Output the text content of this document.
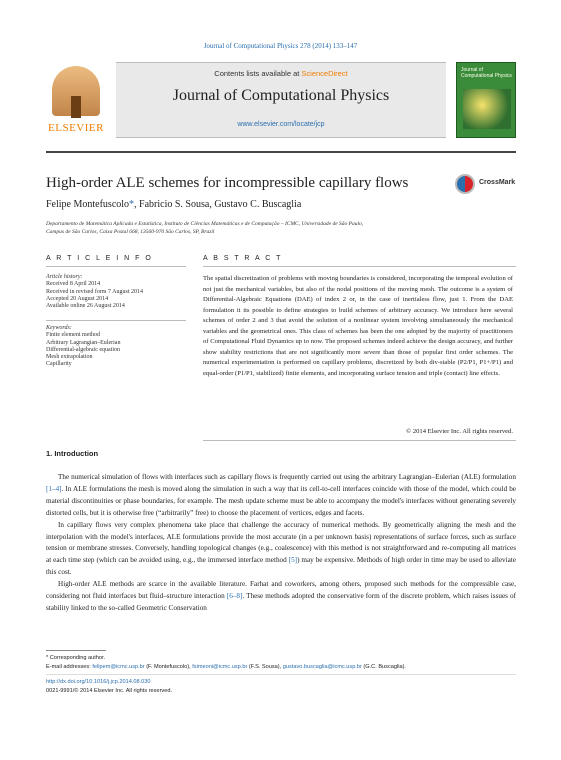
Journal of Computational Physics 278 (2014) 133–147
ELSEVIER
Contents lists available at ScienceDirect
Journal of Computational Physics
www.elsevier.com/locate/jcp
Journal of Computational Physics
High-order ALE schemes for incompressible capillary flows	CrossMark
Felipe Montefuscolo*, Fabricio S. Sousa, Gustavo C. Buscaglia
Departamento de Matemática Aplicada e Estatística, Instituto de Ciências Matemáticas e de Computação – ICMC, Universidade de São Paulo,
Campus de São Carlos, Caixa Postal 668, 13560-970 São Carlos, SP, Brazil
A R T I C L E I N F O	A B S T R A C T
Article history:
Received 8 April 2014
Received in revised form 7 August 2014
Accepted 20 August 2014
Available online 26 August 2014
Keywords:
Finite element method
Arbitrary Lagrangian–Eulerian
Differential-algebraic equation
Mesh extrapolation
Capillarity
The spatial discretization of problems with moving boundaries is considered, incorporating the temporal evolution of not just the mechanical variables, but also of the nodal positions of the moving mesh. The outcome is a system of Differential-Algebraic Equations (DAE) of index 2 or, in the case of inertialess flow, just 1. From the DAE formulation it its possible to define strategies to build schemes of arbitrary accuracy. We introduce here several schemes of order 2 and 3 that avoid the solution of a nonlinear system involving simultaneously the mechanical variables and the geometrical ones. This class of schemes has been the one adopted by the majority of practitioners of Computational Fluid Dynamics up to now. The proposed schemes indeed achieve the design accuracy, and further show stability restrictions that are not significantly more severe than those of popular first order schemes. The numerical experimentation is performed on capillary problems, discretized by both div-stable (P2/P1, P1+/P1) and equal-order (P1/P1, stabilized) finite elements, and incorporating surface tension and triple (contact) line effects.
© 2014 Elsevier Inc. All rights reserved.
1. Introduction

The numerical simulation of flows with interfaces such as capillary flows is frequently carried out using the arbitrary Lagrangian–Eulerian (ALE) formulation [1–4]. In ALE formulations the mesh is moved along the simulation in such a way that its cell-to-cell interfaces coincide with those of the model, which could be material discontinuities or phase boundaries, for example. The mesh update scheme must be able to accompany the model's interfaces without generating severely distorted cells, but it is otherwise free (“arbitrarily” free) to choose the placement of vertices, edges and facets.

In capillary flows very complex phenomena take place that challenge the accuracy of numerical methods. By geometrically aligning the mesh and the interpolation with the model's interfaces, ALE formulations provide the most accurate (in a per unknown basis) representations of surface forces, such as surface tension or membrane stresses. Conversely, handling topological changes (e.g., coalescence) with this method is not straightforward and re-computing all matrices at each time step (which can be avoided using, e.g., the immersed interface method [5]) may be expensive. Methods of high order in time may be used to alleviate this cost.

High-order ALE methods are scarce in the available literature. Farhat and coworkers, among others, proposed such methods for the compressible case, considering not fluid interfaces but fluid–structure interaction [6–8]. These methods adopted the conservative form of the discrete problem, which raises issues of stability linked to the so-called Geometric Conservation

* Corresponding author.
E-mail addresses: felipem@icmc.usp.br (F. Montefuscolo), fsimeoni@icmc.usp.br (F.S. Sousa), gustavo.buscaglia@icmc.usp.br (G.C. Buscaglia).
http://dx.doi.org/10.1016/j.jcp.2014.08.030
0021-9991/© 2014 Elsevier Inc. All rights reserved.
